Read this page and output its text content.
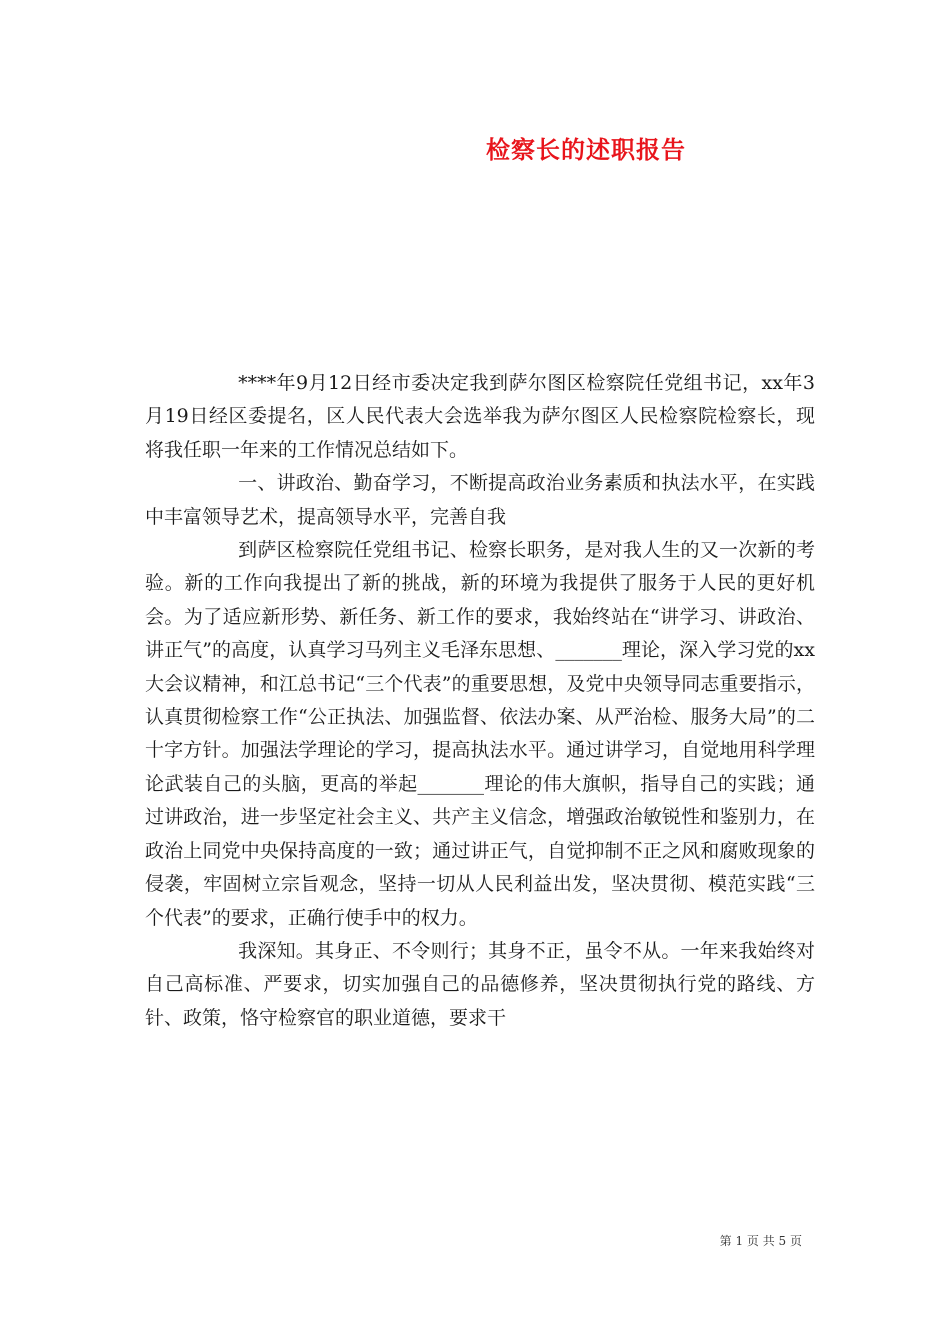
检察长的述职报告

****年9月12日经市委决定我到萨尔图区检察院任党组书记，xx年3月19日经区委提名，区人民代表大会选举我为萨尔图区人民检察院检察长，现将我任职一年来的工作情况总结如下。

一、讲政治、勤奋学习，不断提高政治业务素质和执法水平，在实践中丰富领导艺术，提高领导水平，完善自我

到萨区检察院任党组书记、检察长职务，是对我人生的又一次新的考验。新的工作向我提出了新的挑战，新的环境为我提供了服务于人民的更好机会。为了适应新形势、新任务、新工作的要求，我始终站在“讲学习、讲政治、讲正气”的高度，认真学习马列主义毛泽东思想、_______理论，深入学习党的xx大会议精神，和江总书记“三个代表”的重要思想，及党中央领导同志重要指示，认真贯彻检察工作“公正执法、加强监督、依法办案、从严治检、服务大局”的二十字方针。加强法学理论的学习，提高执法水平。通过讲学习，自觉地用科学理论武装自己的头脑，更高的举起_______理论的伟大旗帜，指导自己的实践；通过讲政治，进一步坚定社会主义、共产主义信念，增强政治敏锐性和鉴别力，在政治上同党中央保持高度的一致；通过讲正气，自觉抑制不正之风和腐败现象的侵袭，牢固树立宗旨观念，坚持一切从人民利益出发，坚决贯彻、模范实践“三个代表”的要求，正确行使手中的权力。

我深知。其身正、不令则行；其身不正，虽令不从。一年来我始终对自己高标准、严要求，切实加强自己的品德修养，坚决贯彻执行党的路线、方针、政策，恪守检察官的职业道德，要求干

第 1 页 共 5 页
